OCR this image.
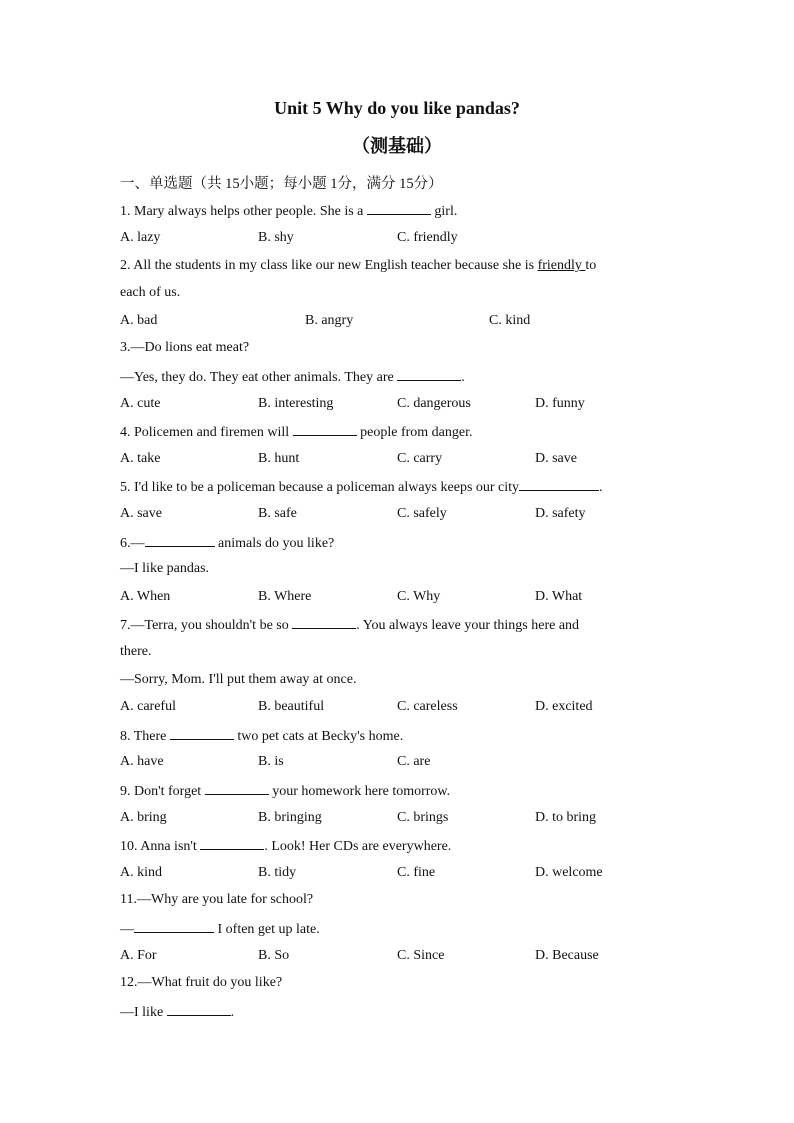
Unit 5 Why do you like pandas?
（测基础）
一、单选题（共 15小题；每小题 1分，满分 15分）
1. Mary always helps other people. She is a	girl.
A. lazy	B. shy	C. friendly
2. All the students in my class like our new English teacher because she is friendly to
each of us.
A. bad	B. angry	C. kind
3.—Do lions eat meat?
—Yes, they do. They eat other animals. They are	.
A. cute	B. interesting	C. dangerous	D. funny
4. Policemen and firemen will	people from danger.
A. take	B. hunt	C. carry	D. save
5. I'd like to be a policeman because a policeman always keeps our city	.
A. save	B. safe	C. safely	D. safety
6.—	animals do you like?
—I like pandas.
A. When	B. Where	C. Why	D. What
7.—Terra, you shouldn't be so	. You always leave your things here and
there.
—Sorry, Mom. I'll put them away at once.
A. careful	B. beautiful	C. careless	D. excited
8. There	two pet cats at Becky's home.
A. have	B. is	C. are
9. Don't forget	your homework here tomorrow.
A. bring	B. bringing	C. brings	D. to bring
10. Anna isn't	. Look! Her CDs are everywhere.
A. kind	B. tidy	C. fine	D. welcome
11.—Why are you late for school?
—	I often get up late.
A. For	B. So	C. Since	D. Because
12.—What fruit do you like?
—I like	.
